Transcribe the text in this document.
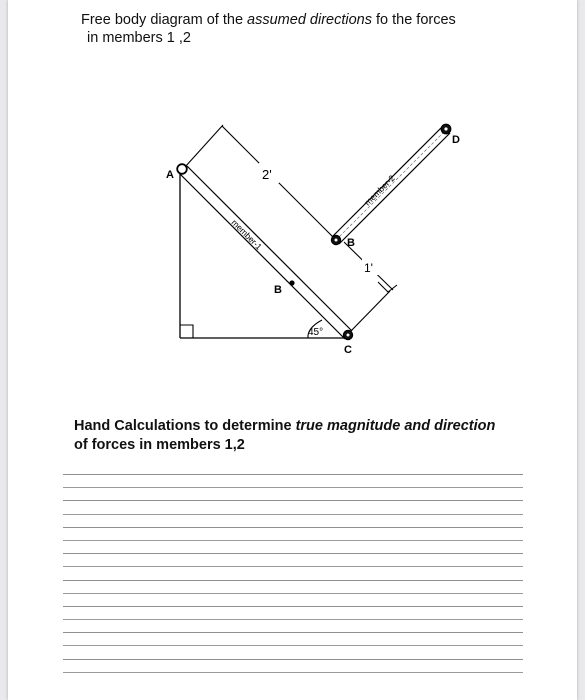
Free body diagram of the assumed directions fo the forces
in members 1 ,2
A
B
B
C
D
2'
1'
member-1
member-2
45°
Hand Calculations to determine true magnitude and direction
of forces in members 1,2
